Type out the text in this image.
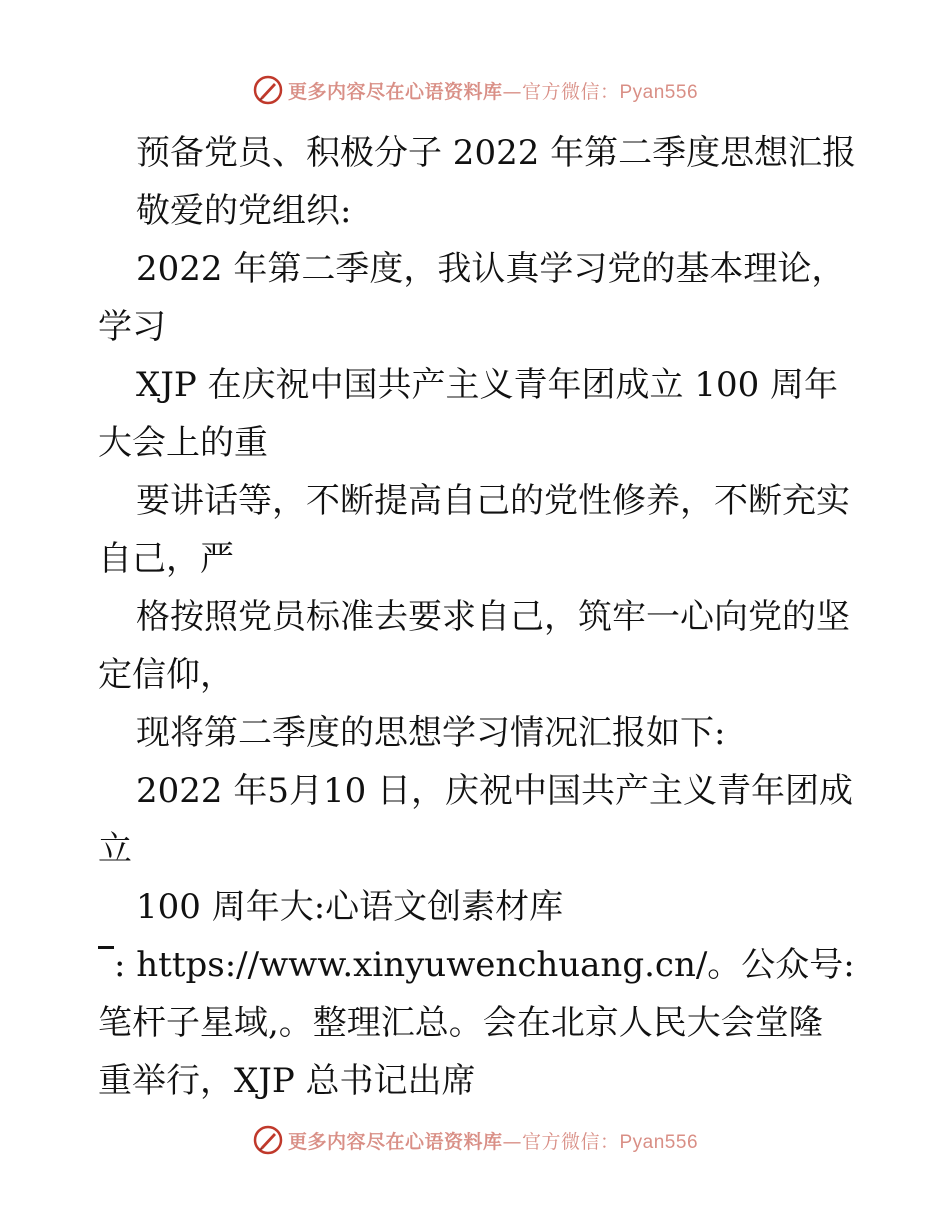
更多内容尽在心语资料库—官方微信：Pyan556
预备党员、积极分子 2022 年第二季度思想汇报
敬爱的党组织:
2022 年第二季度，我认真学习党的基本理论，
学习
XJP 在庆祝中国共产主义青年团成立 100 周年
大会上的重
要讲话等，不断提高自己的党性修养，不断充实
自己，严
格按照党员标准去要求自己，筑牢一心向党的坚
定信仰，
现将第二季度的思想学习情况汇报如下:
2022 年5月10 日，庆祝中国共产主义青年团成
立
100 周年大:心语文创素材库
: https://www.xinyuwenchuang.cn/。公众号:
笔杆子星域,。整理汇总。会在北京人民大会堂隆
重举行，XJP 总书记出席
更多内容尽在心语资料库—官方微信：Pyan556
